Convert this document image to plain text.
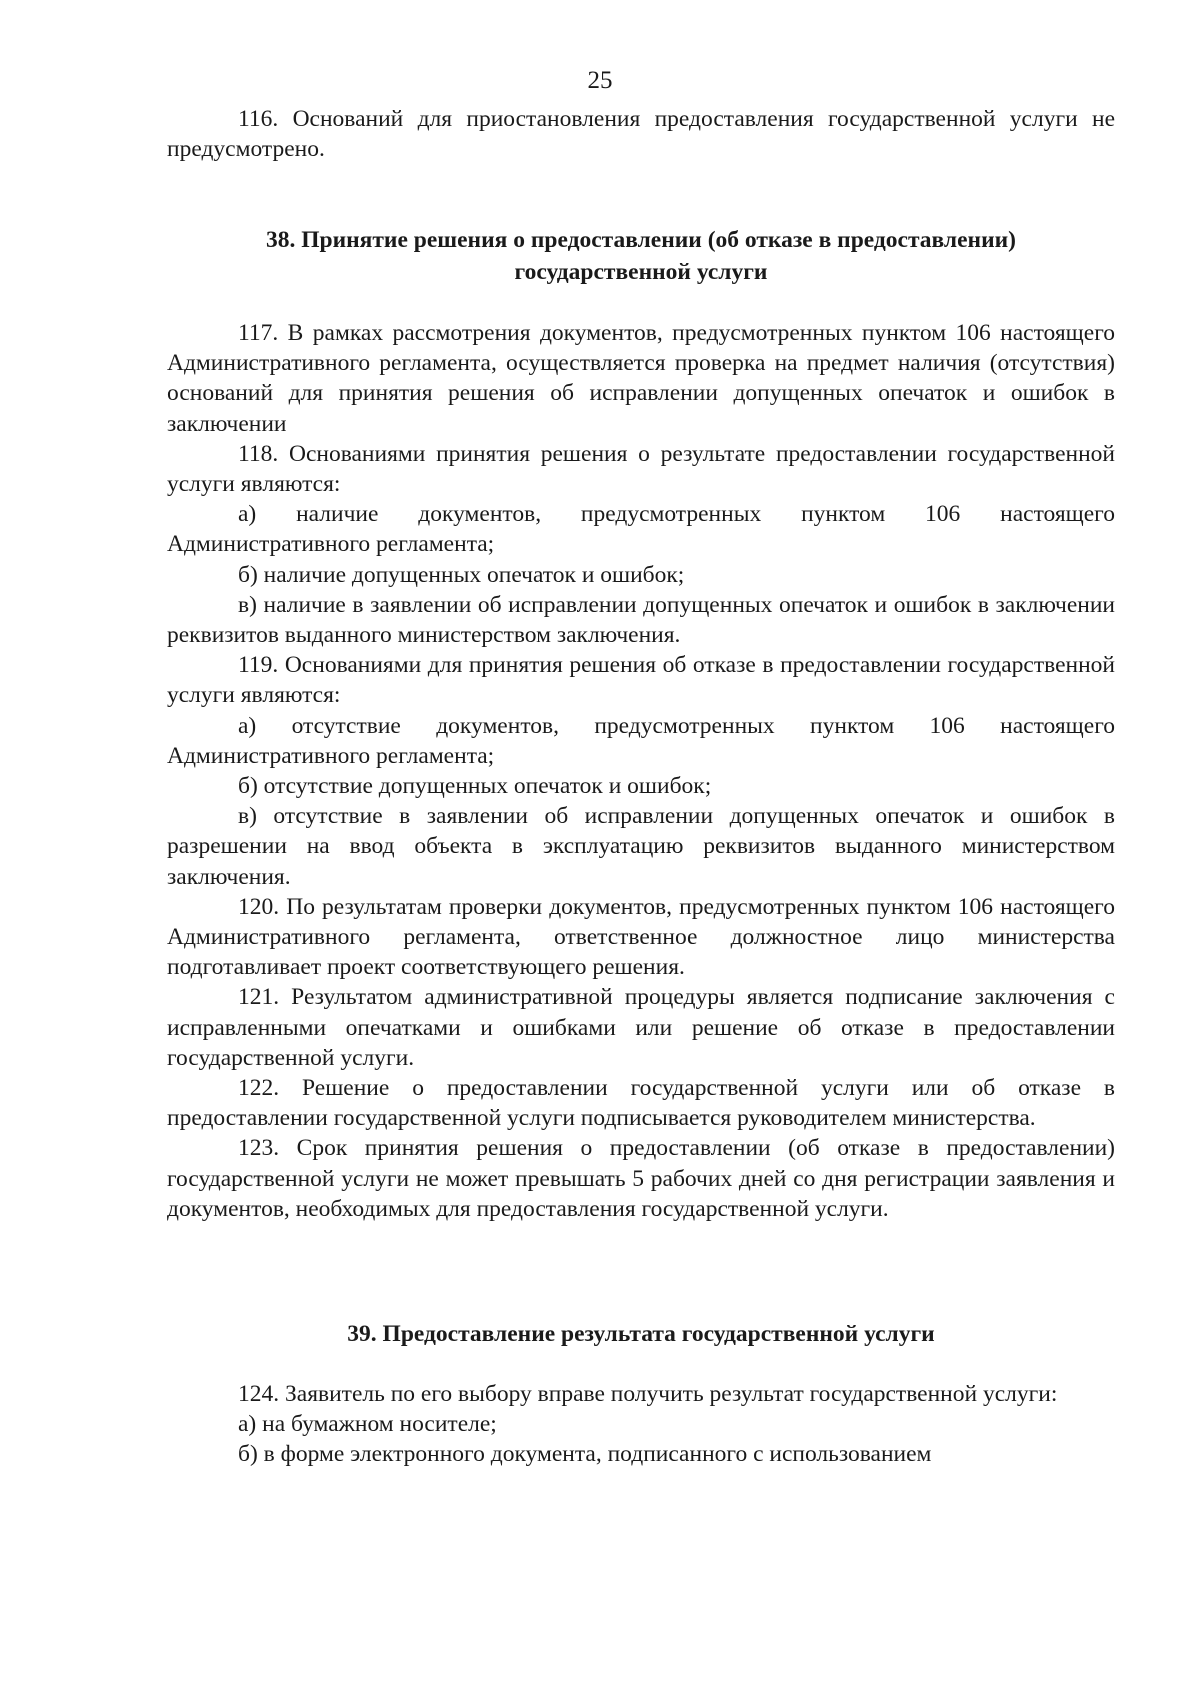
25

116. Оснований для приостановления предоставления государственной услуги не предусмотрено.

38. Принятие решения о предоставлении (об отказе в предоставлении)
государственной услуги

117. В рамках рассмотрения документов, предусмотренных пунктом 106 настоящего Административного регламента, осуществляется проверка на предмет наличия (отсутствия) оснований для принятия решения об исправлении допущенных опечаток и ошибок в заключении

118. Основаниями принятия решения о результате предоставлении государственной услуги являются:

а) наличие документов, предусмотренных пунктом 106 настоящего Административного регламента;

б) наличие допущенных опечаток и ошибок;

в) наличие в заявлении об исправлении допущенных опечаток и ошибок в заключении реквизитов выданного министерством заключения.

119. Основаниями для принятия решения об отказе в предоставлении государственной услуги являются:

а) отсутствие документов, предусмотренных пунктом 106 настоящего Административного регламента;

б) отсутствие допущенных опечаток и ошибок;

в) отсутствие в заявлении об исправлении допущенных опечаток и ошибок в разрешении на ввод объекта в эксплуатацию реквизитов выданного министерством заключения.

120. По результатам проверки документов, предусмотренных пунктом 106 настоящего Административного регламента, ответственное должностное лицо министерства подготавливает проект соответствующего решения.

121. Результатом административной процедуры является подписание заключения с исправленными опечатками и ошибками или решение об отказе в предоставлении государственной услуги.

122. Решение о предоставлении государственной услуги или об отказе в предоставлении государственной услуги подписывается руководителем министерства.

123. Срок принятия решения о предоставлении (об отказе в предоставлении) государственной услуги не может превышать 5 рабочих дней со дня регистрации заявления и документов, необходимых для предоставления государственной услуги.

39. Предоставление результата государственной услуги

124. Заявитель по его выбору вправе получить результат государственной услуги:

а) на бумажном носителе;

б) в форме электронного документа, подписанного с использованием
